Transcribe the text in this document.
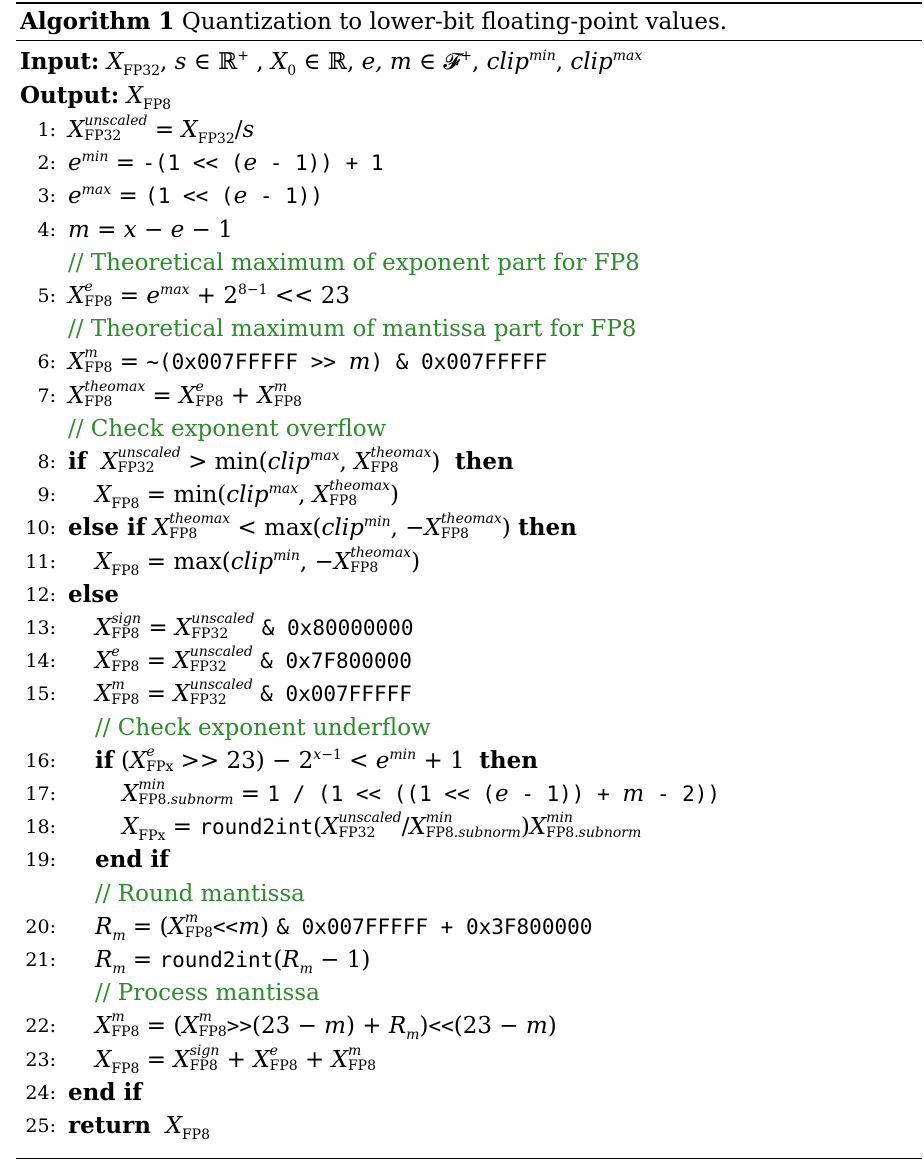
Algorithm 1 Quantization to lower-bit floating-point values.
Input: $X_{FP32}$, s ∈ ℝ+ , $X_0$ ∈ ℝ, e, m ∈ 𝓕+, clip$^{min}$, clip$^{max}$
Output: $X_{FP8}$
1: X unscaled
FP32	= $X_{FP32}/s$
2: $e^{min} = -(1 << (e - 1)) + 1$
3: $e^{max} = (1 << (e - 1))$
4: m = x − e − 1
// Theoretical maximum of exponent part for FP8
5: X e
$FP8 = e^{max} + 2^{8-1} << 23$
// Theoretical maximum of mantissa part for FP8
6: X m
FP8 = ~(0x007FFFFF >> m) & 0x007FFFFF
7: X theomax
FP8	= X e
FP8 + X m
FP8
// Check exponent overflow
8: if X unscaled
FP32	> min(clip$^{max}$, X theomax
FP8	)  then
9: $X_{FP8}$ = min(clip$^{max}$, X theomax
FP8	)
10: else if X theomax
FP8	< max(clip$^{min}$, −X theomax
FP8	) then
11: $X_{FP8}$ = max(clip$^{min}$, −X theomax
FP8	)
12: else
13: X sign
FP8 = X unscaled
FP32	& 0x80000000
14: X e
FP8 = X unscaled
FP32	& 0x7F800000
15: X m
FP8 = X unscaled
FP32	& 0x007FFFFF
// Check exponent underflow
16: if (X e
FPx >> $23) - 2^{x-1} < e^{min} + 1$  then
17:	X min
FP8.subnorm = 1 / (1 << ((1 << (e - 1)) + m - 2))
18:	$X_{FPx}$ = round2int(X unscaled
FP32	/X min
FP8.subnorm )X min
FP8.subnorm
19: end if
// Round mantissa
20: $R_m = (X$ m
FP8 <<m) & 0x007FFFFF + 0x3F800000
21: $R_m$ = $round2int(R_m - 1)$
// Process mantissa
22: X m
FP8 = (X m
$FP8 >>(23 - m) + R_m)<<(23 - m)$
23: $X_{FP8} = X$ sign
FP8 + X e
FP8 + X m
FP8
24: end if
25: return $X_{FP8}$
